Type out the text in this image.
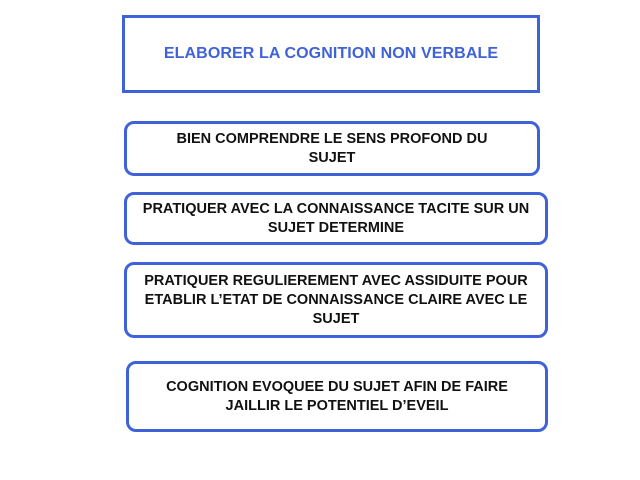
ELABORER LA COGNITION NON VERBALE
BIEN COMPRENDRE LE SENS PROFOND DU SUJET
PRATIQUER AVEC LA CONNAISSANCE TACITE SUR UN SUJET DETERMINE
PRATIQUER REGULIEREMENT AVEC ASSIDUITE POUR ETABLIR L’ETAT DE CONNAISSANCE CLAIRE AVEC LE SUJET
COGNITION EVOQUEE DU SUJET AFIN DE FAIRE JAILLIR LE POTENTIEL D’EVEIL
